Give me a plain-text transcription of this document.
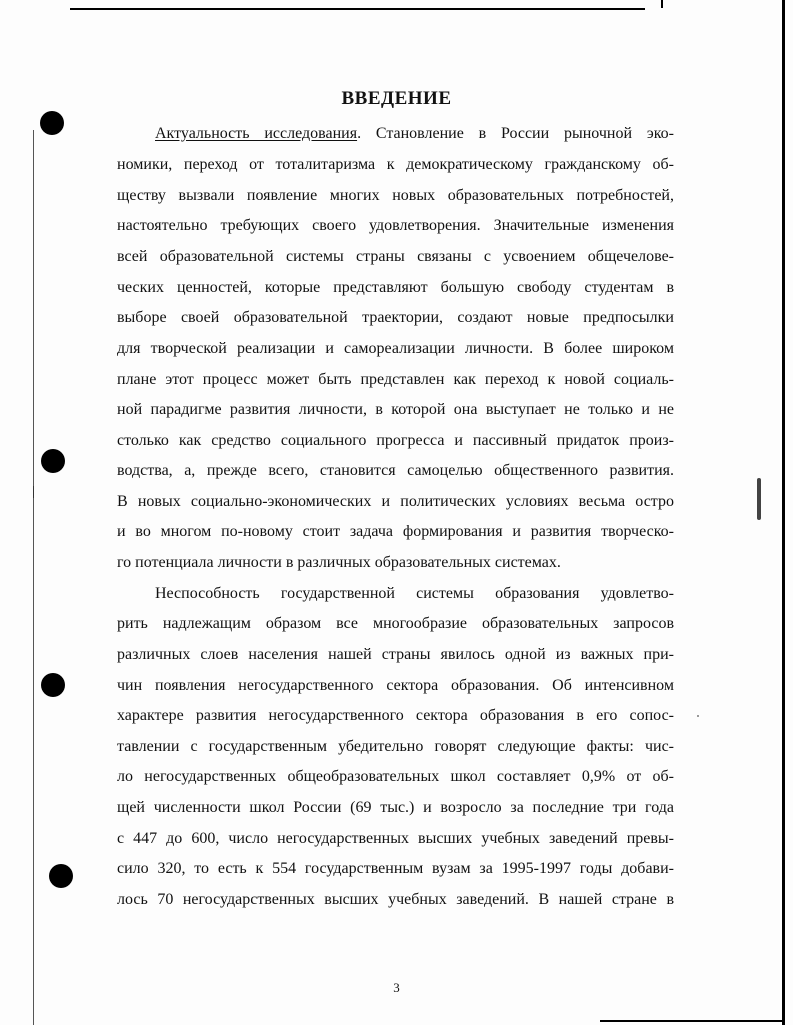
ВВЕДЕНИЕ
Актуальность исследования. Становление в России рыночной эко-
номики, переход от тоталитаризма к демократическому гражданскому об-
ществу вызвали появление многих новых образовательных потребностей,
настоятельно требующих своего удовлетворения. Значительные изменения
всей образовательной системы страны связаны с усвоением общечелове-
ческих ценностей, которые представляют большую свободу студентам в
выборе своей образовательной траектории, создают новые предпосылки
для творческой реализации и самореализации личности. В более широком
плане этот процесс может быть представлен как переход к новой социаль-
ной парадигме развития личности, в которой она выступает не только и не
столько как средство социального прогресса и пассивный придаток произ-
водства, а, прежде всего, становится самоцелью общественного развития.
В новых социально-экономических и политических условиях весьма остро
и во многом по-новому стоит задача формирования и развития творческо-
го потенциала личности в различных образовательных системах.
Неспособность государственной системы образования удовлетво-
рить надлежащим образом все многообразие образовательных запросов
различных слоев населения нашей страны явилось одной из важных при-
чин появления негосударственного сектора образования. Об интенсивном
характере развития негосударственного сектора образования в его сопос-
тавлении с государственным убедительно говорят следующие факты: чис-
ло негосударственных общеобразовательных школ составляет 0,9% от об-
щей численности школ России (69 тыс.) и возросло за последние три года
с 447 до 600, число негосударственных высших учебных заведений превы-
сило 320, то есть к 554 государственным вузам за 1995-1997 годы добави-
лось 70 негосударственных высших учебных заведений. В нашей стране в
3
